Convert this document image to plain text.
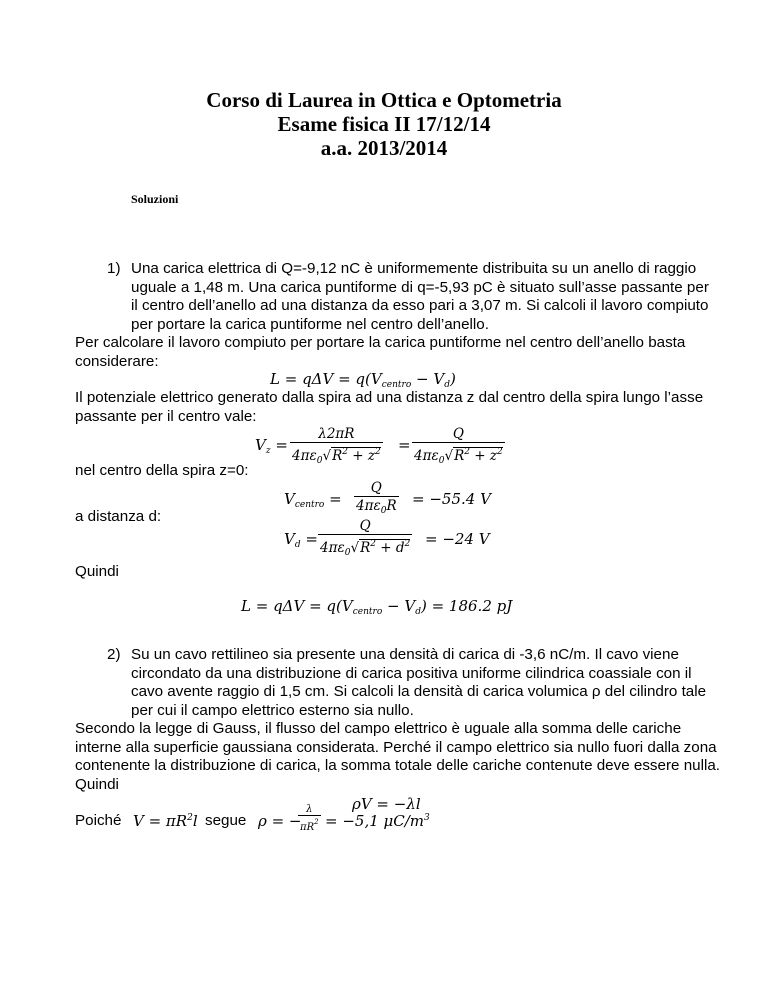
Corso di Laurea in Ottica e Optometria
Esame fisica II 17/12/14
a.a. 2013/2014
Soluzioni
1) Una carica elettrica di Q=-9,12 nC è uniformemente distribuita su un anello di raggio uguale a 1,48 m. Una carica puntiforme di q=-5,93 pC è situato sull’asse passante per il centro dell’anello ad una distanza da esso pari a 3,07 m. Si calcoli il lavoro compiuto per portare la carica puntiforme nel centro dell’anello.
Per calcolare il lavoro compiuto per portare la carica puntiforme nel centro dell’anello basta considerare:
$L = q\Delta V = q(V_{centro} - V_d)$
Il potenziale elettrico generato dalla spira ad una distanza z dal centro della spira lungo l’asse passante per il centro vale:
$V_z = \frac{\lambda 2\pi R}{4\pi\varepsilon_0√R^2 + z^2} = \frac{Q}{4\pi\varepsilon_0√R^2 + z^2}$
nel centro della spira z=0:
$V_{centro} = \frac{Q}{4\pi\varepsilon_0R} = -55.4$ V
a distanza d:
$V_d = \frac{Q}{4\pi\varepsilon_0√R^2 + d^2} = -24$ V
Quindi
$L = q\Delta V = q(V_{centro} - V_d) = 186.2$ pJ
2) Su un cavo rettilineo sia presente una densità di carica di -3,6 nC/m. Il cavo viene circondato da una distribuzione di carica positiva uniforme cilindrica coassiale con il cavo avente raggio di 1,5 cm. Si calcoli la densità di carica volumica ρ del cilindro tale per cui il campo elettrico esterno sia nullo.
Secondo la legge di Gauss, il flusso del campo elettrico è uguale alla somma delle cariche interne alla superficie gaussiana considerata. Perché il campo elettrico sia nullo fuori dalla zona contenente la distribuzione di carica, la somma totale delle cariche contenute deve essere nulla. Quindi
ρV = −λl
Poiché $V = \pi R^2l$ segue ρ = −
$\frac{\lambda}{\pi R^2} = -5,1$ $\mu C/m^3$
